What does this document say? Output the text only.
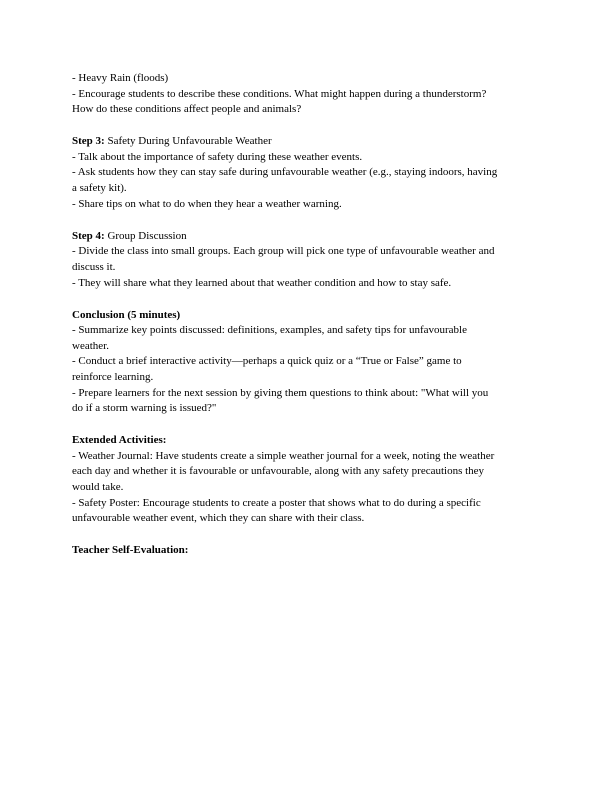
- Heavy Rain (floods)
- Encourage students to describe these conditions. What might happen during a thunderstorm?
How do these conditions affect people and animals?
Step 3: Safety During Unfavourable Weather
- Talk about the importance of safety during these weather events.
- Ask students how they can stay safe during unfavourable weather (e.g., staying indoors, having
a safety kit).
- Share tips on what to do when they hear a weather warning.
Step 4: Group Discussion
- Divide the class into small groups. Each group will pick one type of unfavourable weather and
discuss it.
- They will share what they learned about that weather condition and how to stay safe.
Conclusion (5 minutes)
- Summarize key points discussed: definitions, examples, and safety tips for unfavourable
weather.
- Conduct a brief interactive activity—perhaps a quick quiz or a “True or False” game to
reinforce learning.
- Prepare learners for the next session by giving them questions to think about: "What will you
do if a storm warning is issued?"
Extended Activities:
- Weather Journal: Have students create a simple weather journal for a week, noting the weather
each day and whether it is favourable or unfavourable, along with any safety precautions they
would take.
- Safety Poster: Encourage students to create a poster that shows what to do during a specific
unfavourable weather event, which they can share with their class.
Teacher Self-Evaluation:
